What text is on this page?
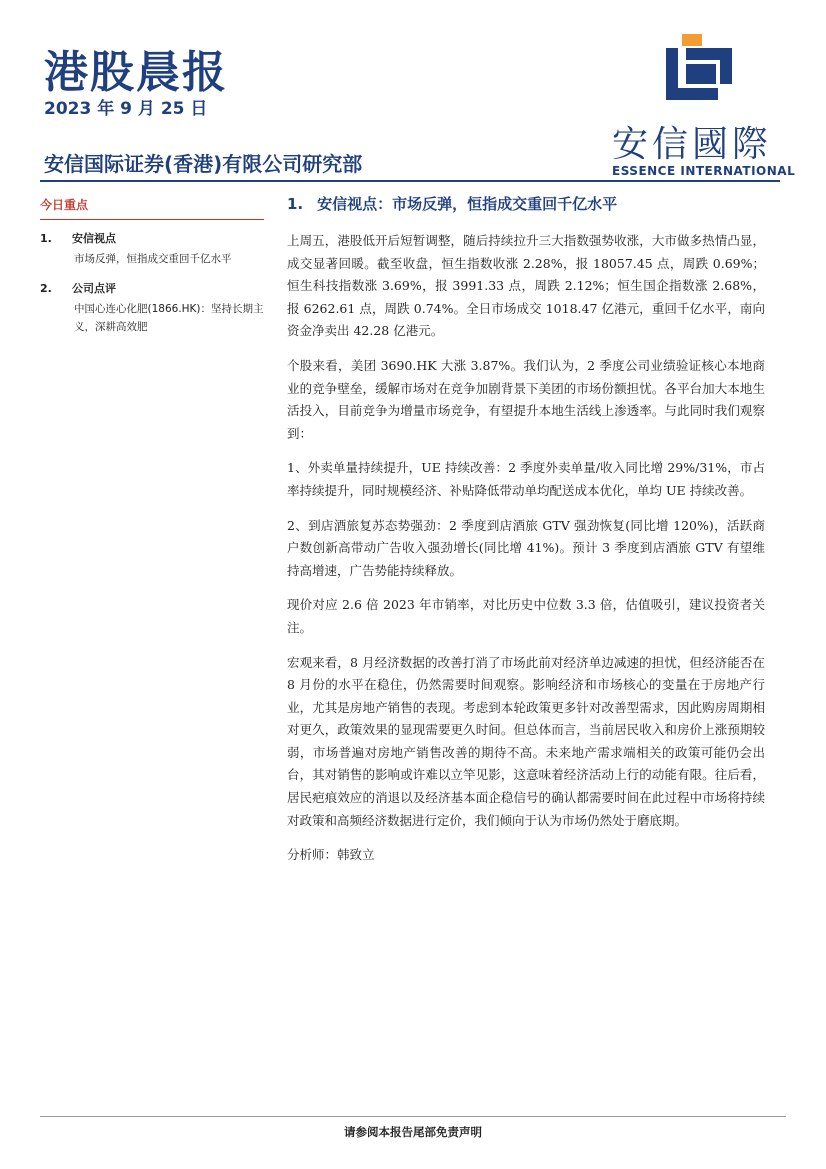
港股晨报
2023 年 9 月 25 日
安信国际证券(香港)有限公司研究部	安信國際
ESSENCE INTERNATIONAL
今日重点
1. 安信视点
市场反弹，恒指成交重回千亿水平
2. 公司点评
中国心连心化肥(1866.HK)：坚持长期主义，深耕高效肥
1. 安信视点：市场反弹，恒指成交重回千亿水平

上周五，港股低开后短暂调整，随后持续拉升三大指数强势收涨，大市做多热情凸显，成交显著回暖。截至收盘，恒生指数收涨 2.28%，报 18057.45 点，周跌 0.69%；恒生科技指数涨 3.69%，报 3991.33 点，周跌 2.12%；恒生国企指数涨 2.68%，报 6262.61 点，周跌 0.74%。全日市场成交 1018.47 亿港元，重回千亿水平，南向资金净卖出 42.28 亿港元。

个股来看，美团 3690.HK 大涨 3.87%。我们认为，2 季度公司业绩验证核心本地商业的竞争壁垒，缓解市场对在竞争加剧背景下美团的市场份额担忧。各平台加大本地生活投入，目前竞争为增量市场竞争，有望提升本地生活线上渗透率。与此同时我们观察到：

1、外卖单量持续提升，UE 持续改善：2 季度外卖单量/收入同比增 29%/31%，市占率持续提升，同时规模经济、补贴降低带动单均配送成本优化，单均 UE 持续改善。

2、到店酒旅复苏态势强劲：2 季度到店酒旅 GTV 强劲恢复(同比增 120%)，活跃商户数创新高带动广告收入强劲增长(同比增 41%)。预计 3 季度到店酒旅 GTV 有望维持高增速，广告势能持续释放。

现价对应 2.6 倍 2023 年市销率，对比历史中位数 3.3 倍，估值吸引，建议投资者关注。

宏观来看，8 月经济数据的改善打消了市场此前对经济单边减速的担忧，但经济能否在 8 月份的水平在稳住，仍然需要时间观察。影响经济和市场核心的变量在于房地产行业，尤其是房地产销售的表现。考虑到本轮政策更多针对改善型需求，因此购房周期相对更久，政策效果的显现需要更久时间。但总体而言，当前居民收入和房价上涨预期较弱，市场普遍对房地产销售改善的期待不高。未来地产需求端相关的政策可能仍会出台，其对销售的影响或许难以立竿见影，这意味着经济活动上行的动能有限。往后看，居民疤痕效应的消退以及经济基本面企稳信号的确认都需要时间在此过程中市场将持续对政策和高频经济数据进行定价，我们倾向于认为市场仍然处于磨底期。

分析师：韩致立

请参阅本报告尾部免责声明
